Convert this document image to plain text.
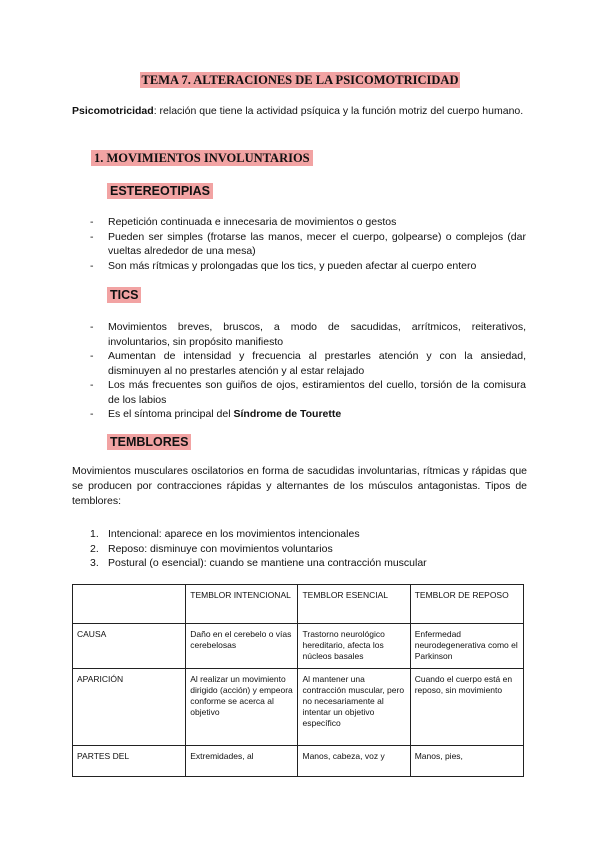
TEMA 7. ALTERACIONES DE LA PSICOMOTRICIDAD
Psicomotricidad: relación que tiene la actividad psíquica y la función motriz del cuerpo humano.
1. MOVIMIENTOS INVOLUNTARIOS
ESTEREOTIPIAS
- Repetición continuada e innecesaria de movimientos o gestos
- Pueden ser simples (frotarse las manos, mecer el cuerpo, golpearse) o complejos (dar vueltas alrededor de una mesa)
- Son más rítmicas y prolongadas que los tics, y pueden afectar al cuerpo entero
TICS
- Movimientos breves, bruscos, a modo de sacudidas, arrítmicos, reiterativos, involuntarios, sin propósito manifiesto
- Aumentan de intensidad y frecuencia al prestarles atención y con la ansiedad, disminuyen al no prestarles atención y al estar relajado
- Los más frecuentes son guiños de ojos, estiramientos del cuello, torsión de la comisura de los labios
- Es el síntoma principal del Síndrome de Tourette
TEMBLORES
Movimientos musculares oscilatorios en forma de sacudidas involuntarias, rítmicas y rápidas que se producen por contracciones rápidas y alternantes de los músculos antagonistas. Tipos de temblores:
1. Intencional: aparece en los movimientos intencionales
2. Reposo: disminuye con movimientos voluntarios
3. Postural (o esencial): cuando se mantiene una contracción muscular
	TEMBLOR INTENCIONAL	TEMBLOR ESENCIAL	TEMBLOR DE REPOSO
CAUSA	Daño en el cerebelo o vías cerebelosas	Trastorno neurológico hereditario, afecta los núcleos basales	Enfermedad neurodegenerativa como el Parkinson
APARICIÓN	Al realizar un movimiento dirigido (acción) y empeora conforme se acerca al objetivo	Al mantener una contracción muscular, pero no necesariamente al intentar un objetivo específico	Cuando el cuerpo está en reposo, sin movimiento
PARTES DEL	Extremidades, al	Manos, cabeza, voz y	Manos, pies,
